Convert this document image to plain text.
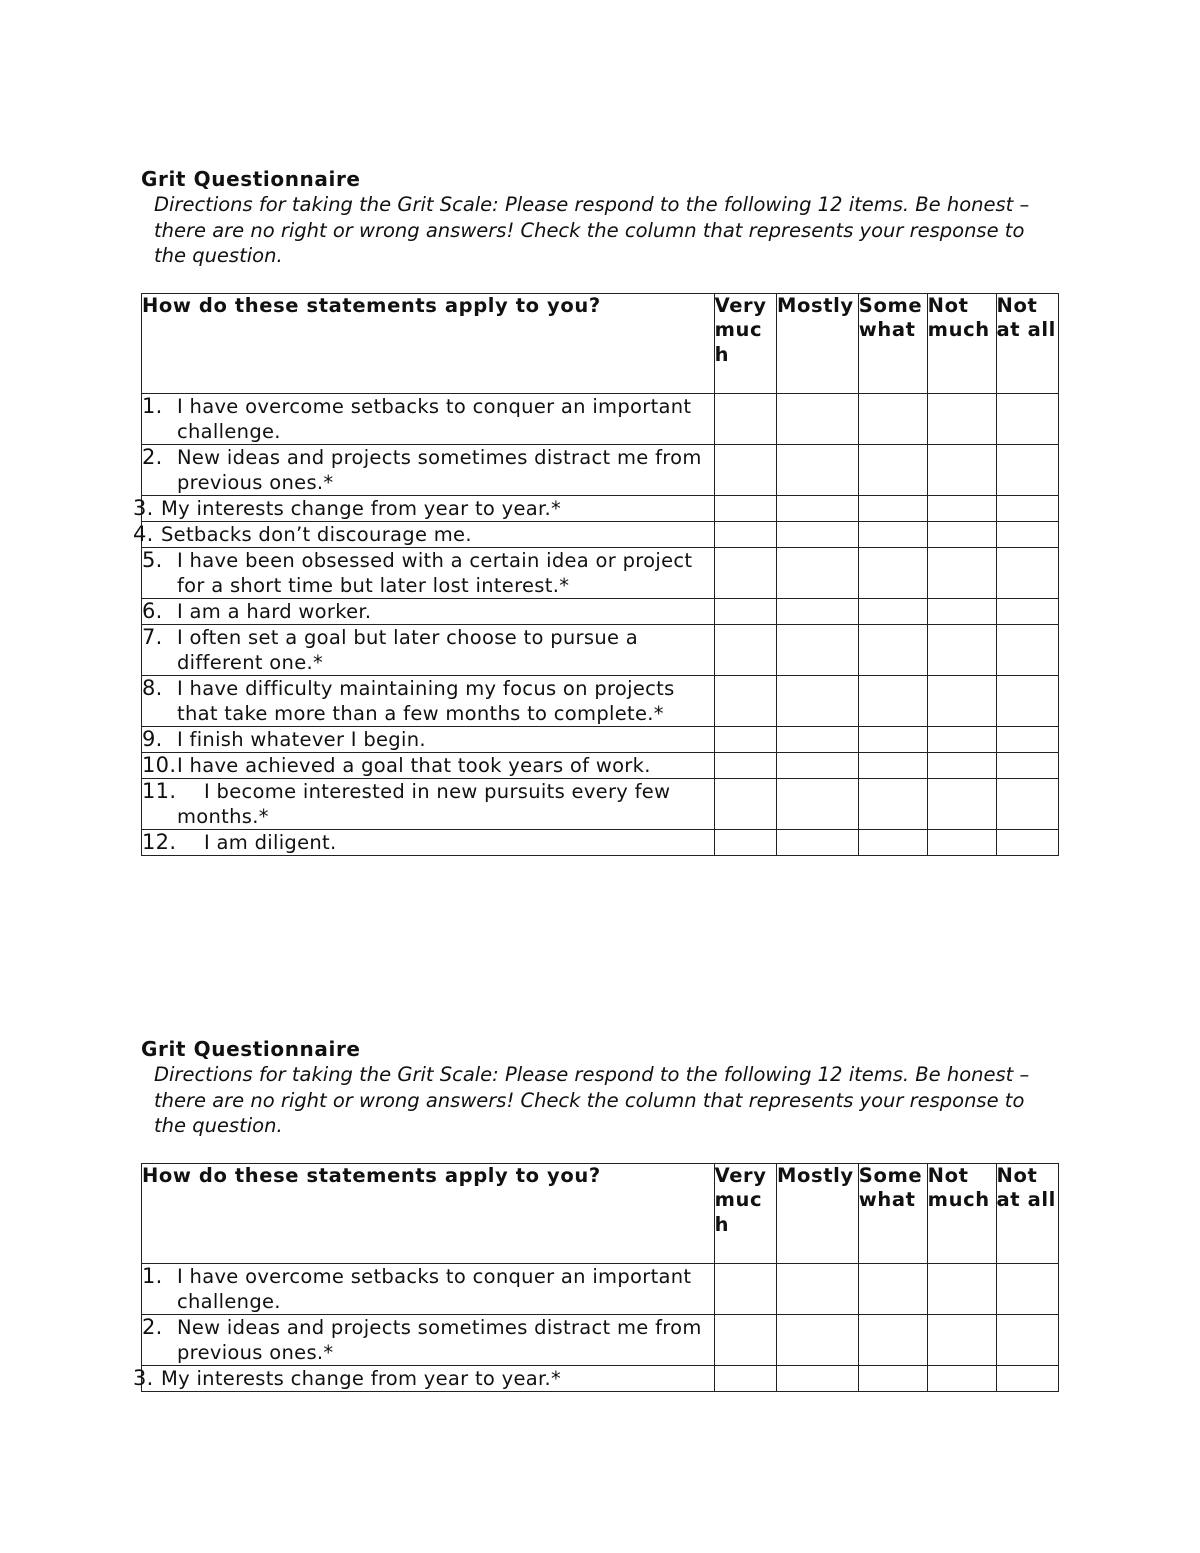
Grit Questionnaire

Directions for taking the Grit Scale: Please respond to the following 12 items. Be honest – there are no right or wrong answers! Check the column that represents your response to the question.

How do these statements apply to you?	Very much	Mostly	Somewhat	Not much	Not at all

1. I have overcome setbacks to conquer an important challenge.					

2. New ideas and projects sometimes distract me from previous ones.*					

3. My interests change from year to year.*					

4. Setbacks don’t discourage me.					

5. I have been obsessed with a certain idea or project for a short time but later lost interest.*					

6. I am a hard worker.					

7. I often set a goal but later choose to pursue a different one.*					

8. I have difficulty maintaining my focus on projects that take more than a few months to complete.*					

9. I finish whatever I begin.					

10.I have achieved a goal that took years of work.					

11. I become interested in new pursuits every few months.*					

12. I am diligent.					

Grit Questionnaire

Directions for taking the Grit Scale: Please respond to the following 12 items. Be honest – there are no right or wrong answers! Check the column that represents your response to the question.

How do these statements apply to you?	Very much	Mostly	Somewhat	Not much	Not at all

1. I have overcome setbacks to conquer an important challenge.					

2. New ideas and projects sometimes distract me from previous ones.*					

3. My interests change from year to year.*					
